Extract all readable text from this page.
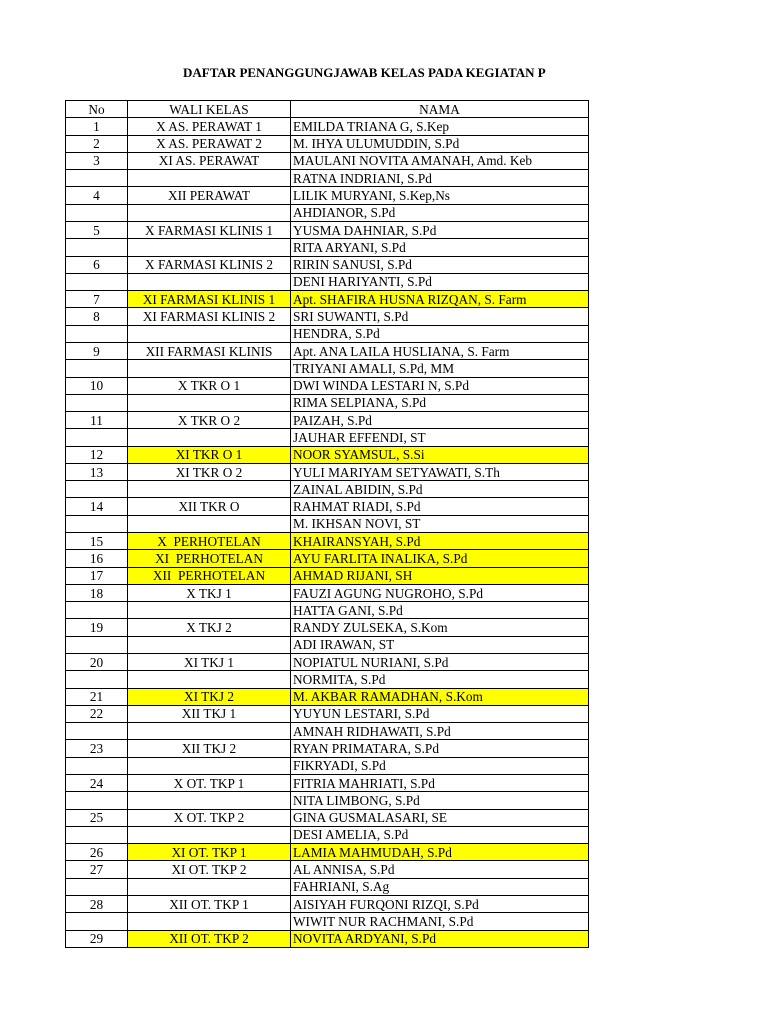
DAFTAR PENANGGUNGJAWAB KELAS PADA KEGIATAN P
No	WALI KELAS	NAMA
1	X AS. PERAWAT 1	EMILDA TRIANA G, S.Kep
2	X AS. PERAWAT 2	M. IHYA ULUMUDDIN, S.Pd
3	XI AS. PERAWAT	MAULANI NOVITA AMANAH, Amd. Keb
		RATNA INDRIANI, S.Pd
4	XII PERAWAT	LILIK MURYANI, S.Kep,Ns
		AHDIANOR, S.Pd
5	X FARMASI KLINIS 1	YUSMA DAHNIAR, S.Pd
		RITA ARYANI, S.Pd
6	X FARMASI KLINIS 2	RIRIN SANUSI, S.Pd
		DENI HARIYANTI, S.Pd
7	XI FARMASI KLINIS 1	Apt. SHAFIRA HUSNA RIZQAN, S. Farm
8	XI FARMASI KLINIS 2	SRI SUWANTI, S.Pd
		HENDRA, S.Pd
9	XII FARMASI KLINIS	Apt. ANA LAILA HUSLIANA, S. Farm
		TRIYANI AMALI, S.Pd, MM
10	X TKR O 1	DWI WINDA LESTARI N, S.Pd
		RIMA SELPIANA, S.Pd
11	X TKR O 2	PAIZAH, S.Pd
		JAUHAR EFFENDI, ST
12	XI TKR O 1	NOOR SYAMSUL, S.Si
13	XI TKR O 2	YULI MARIYAM SETYAWATI, S.Th
		ZAINAL ABIDIN, S.Pd
14	XII TKR O	RAHMAT RIADI, S.Pd
		M. IKHSAN NOVI, ST
15	X  PERHOTELAN	KHAIRANSYAH, S.Pd
16	XI  PERHOTELAN	AYU FARLITA INALIKA, S.Pd
17	XII  PERHOTELAN	AHMAD RIJANI, SH
18	X TKJ 1	FAUZI AGUNG NUGROHO, S.Pd
		HATTA GANI, S.Pd
19	X TKJ 2	RANDY ZULSEKA, S.Kom
		ADI IRAWAN, ST
20	XI TKJ 1	NOPIATUL NURIANI, S.Pd
		NORMITA, S.Pd
21	XI TKJ 2	M. AKBAR RAMADHAN, S.Kom
22	XII TKJ 1	YUYUN LESTARI, S.Pd
		AMNAH RIDHAWATI, S.Pd
23	XII TKJ 2	RYAN PRIMATARA, S.Pd
		FIKRYADI, S.Pd
24	X OT. TKP 1	FITRIA MAHRIATI, S.Pd
		NITA LIMBONG, S.Pd
25	X OT. TKP 2	GINA GUSMALASARI, SE
		DESI AMELIA, S.Pd
26	XI OT. TKP 1	LAMIA MAHMUDAH, S.Pd
27	XI OT. TKP 2	AL ANNISA, S.Pd
		FAHRIANI, S.Ag
28	XII OT. TKP 1	AISIYAH FURQONI RIZQI, S.Pd
		WIWIT NUR RACHMANI, S.Pd
29	XII OT. TKP 2	NOVITA ARDYANI, S.Pd
